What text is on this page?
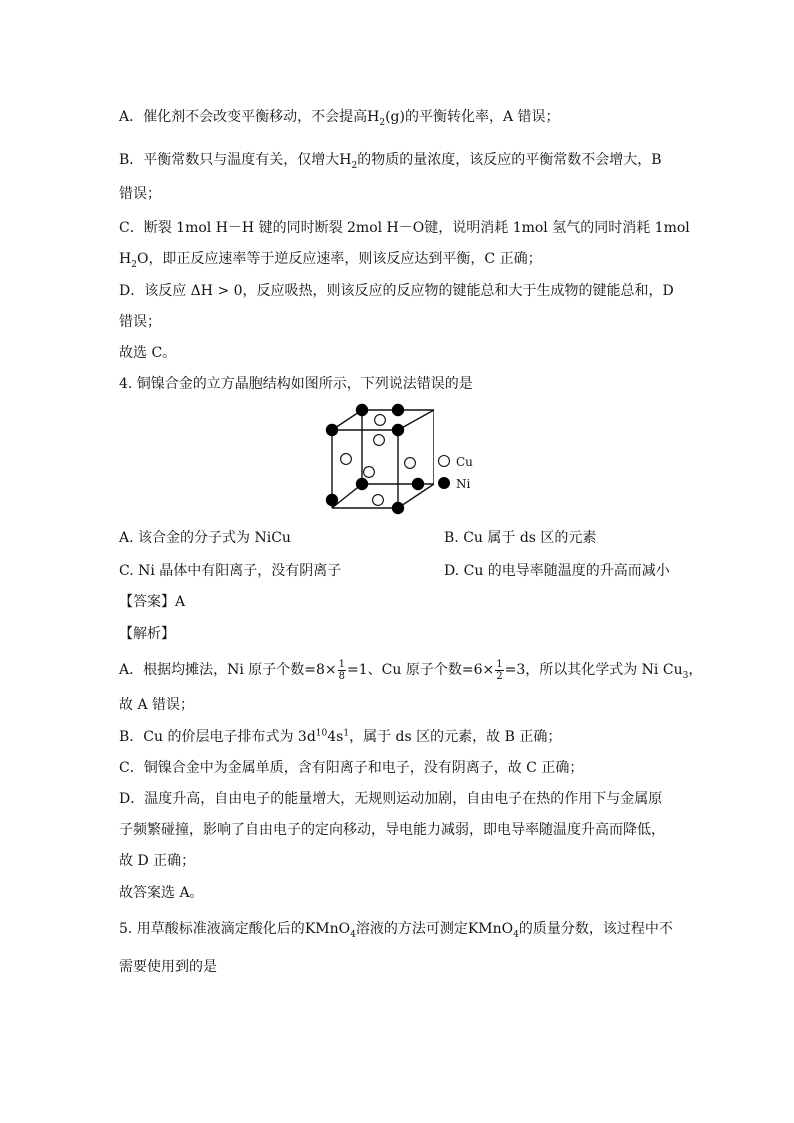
A．催化剂不会改变平衡移动，不会提高$H_2(g)$的平衡转化率，A 错误；
B．平衡常数只与温度有关，仅增大$H_2$的物质的量浓度，该反应的平衡常数不会增大，B
错误；
C．断裂 1mol H－H 键的同时断裂 2mol H－O键，说明消耗 1mol 氢气的同时消耗 1mol
$H_2O$，即正反应速率等于逆反应速率，则该反应达到平衡，C 正确；
D．该反应 ΔH > 0，反应吸热，则该反应的反应物的键能总和大于生成物的键能总和，D
错误；
故选 C。
4. 铜镍合金的立方晶胞结构如图所示，下列说法错误的是
Cu
Ni
A. 该合金的分子式为 NiCu	B. Cu 属于 ds 区的元素
C. Ni 晶体中有阳离子，没有阴离子	D. Cu 的电导率随温度的升高而减小
【答案】A
【解析】
A．根据均摊法，Ni 原子个数$=8\times \frac{1}{8} =1$、Cu 原子个数$=6\times \frac{1}{2} =3$，所以其化学式为 Ni $Cu_3$，
故 A 错误；
B．Cu 的价层电子排布式为 $3d^{10}4s^1$，属于 ds 区的元素，故 B 正确；
C．铜镍合金中为金属单质，含有阳离子和电子，没有阴离子，故 C 正确；
D．温度升高，自由电子的能量增大，无规则运动加剧，自由电子在热的作用下与金属原
子频繁碰撞，影响了自由电子的定向移动，导电能力减弱，即电导率随温度升高而降低，
故 D 正确；
故答案选 A。
5. 用草酸标准液滴定酸化后的KMnO$_4$溶液的方法可测定KMnO$_4$的质量分数，该过程中不
需要使用到的是
